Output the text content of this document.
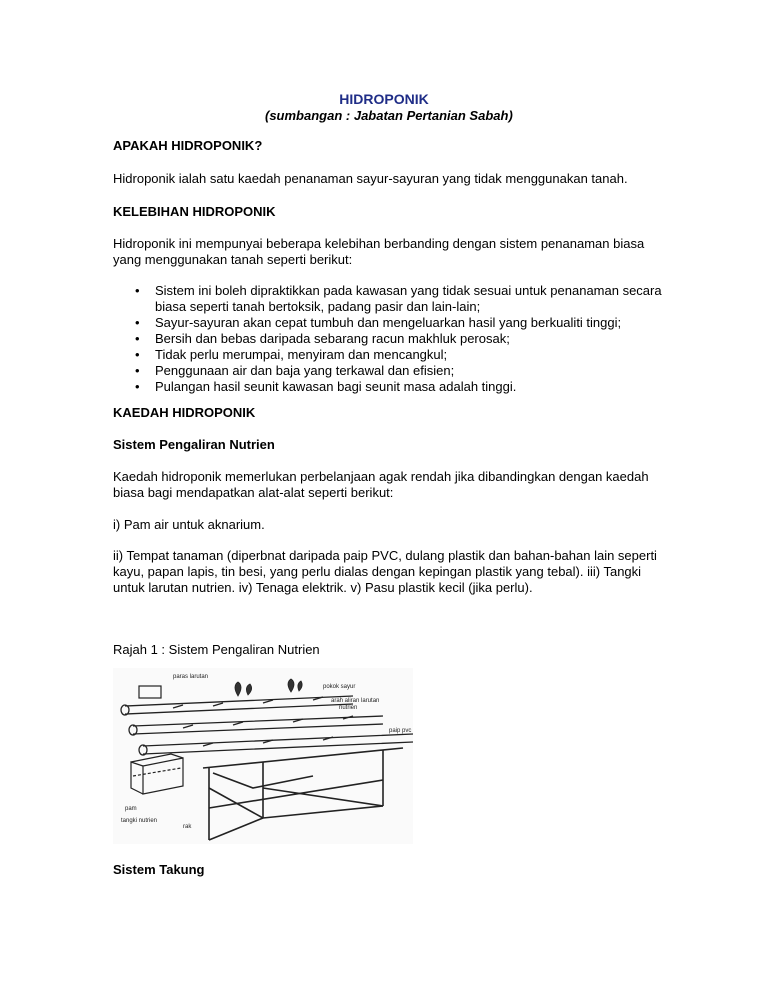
HIDROPONIK
(sumbangan : Jabatan Pertanian Sabah)
APAKAH HIDROPONIK?
Hidroponik ialah satu kaedah penanaman sayur-sayuran yang tidak menggunakan tanah.
KELEBIHAN HIDROPONIK
Hidroponik ini mempunyai beberapa kelebihan berbanding dengan sistem penanaman biasa
yang menggunakan tanah seperti berikut:
• Sistem ini boleh dipraktikkan pada kawasan yang tidak sesuai untuk penanaman secara
biasa seperti tanah bertoksik, padang pasir dan lain-lain;
• Sayur-sayuran akan cepat tumbuh dan mengeluarkan hasil yang berkualiti tinggi;
• Bersih dan bebas daripada sebarang racun makhluk perosak;
• Tidak perlu merumpai, menyiram dan mencangkul;
• Penggunaan air dan baja yang terkawal dan efisien;
• Pulangan hasil seunit kawasan bagi seunit masa adalah tinggi.
KAEDAH HIDROPONIK
Sistem Pengaliran Nutrien
Kaedah hidroponik memerlukan perbelanjaan agak rendah jika dibandingkan dengan kaedah
biasa bagi mendapatkan alat-alat seperti berikut:
i) Pam air untuk aknarium.
ii) Tempat tanaman (diperbnat daripada paip PVC, dulang plastik dan bahan-bahan lain seperti
kayu, papan lapis, tin besi, yang perlu dialas dengan kepingan plastik yang tebal). iii) Tangki
untuk larutan nutrien. iv) Tenaga elektrik. v) Pasu plastik kecil (jika perlu).
Rajah 1 : Sistem Pengaliran Nutrien
paras larutan
pokok sayur
arah aliran larutan
nutrien
paip pvc
pam
tangki nutrien
rak
Sistem Takung
